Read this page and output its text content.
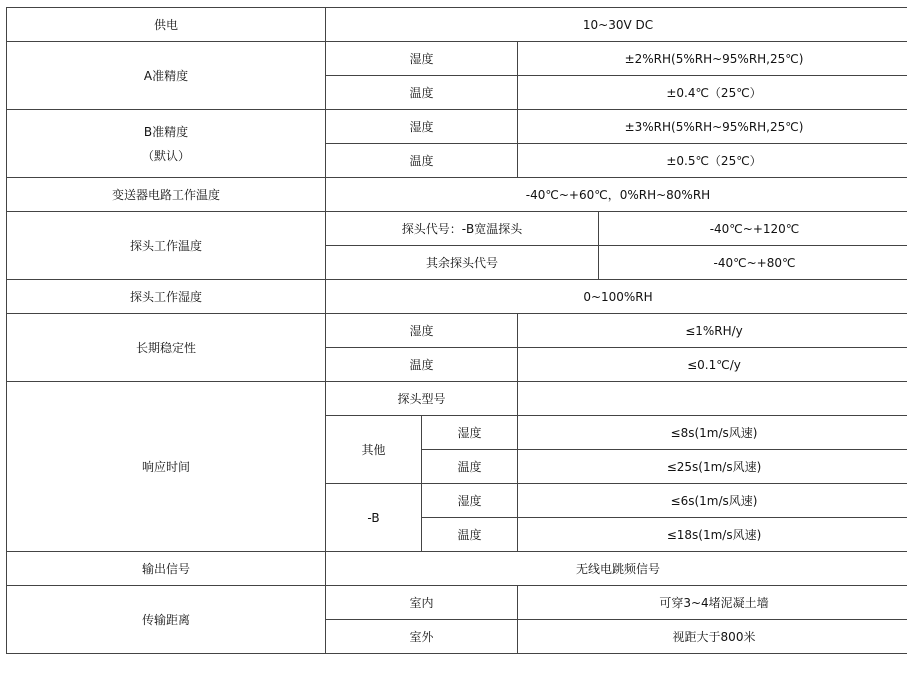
供电	10~30V DC			
A准精度	湿度		±2%RH(5%RH~95%RH,25℃)	
	温度		±0.4℃（25℃）	

B准精度
（默认）	湿度		±3%RH(5%RH~95%RH,25℃)	
	温度		±0.5℃（25℃）	
变送器电路工作温度	-40℃~+60℃，0%RH~80%RH			
探头工作温度	探头代号：-B宽温探头			-40℃~+120℃
	其余探头代号			-40℃~+80℃
探头工作湿度	0~100%RH			
长期稳定性	湿度		≤1%RH/y	
	温度		≤0.1℃/y	
响应时间	探头型号			
	其他	湿度	≤8s(1m/s风速)	
		温度	≤25s(1m/s风速)	
	-B	湿度	≤6s(1m/s风速)	
		温度	≤18s(1m/s风速)	
输出信号	无线电跳频信号			
传输距离	室内		可穿3~4堵泥凝土墙	
	室外		视距大于800米	
